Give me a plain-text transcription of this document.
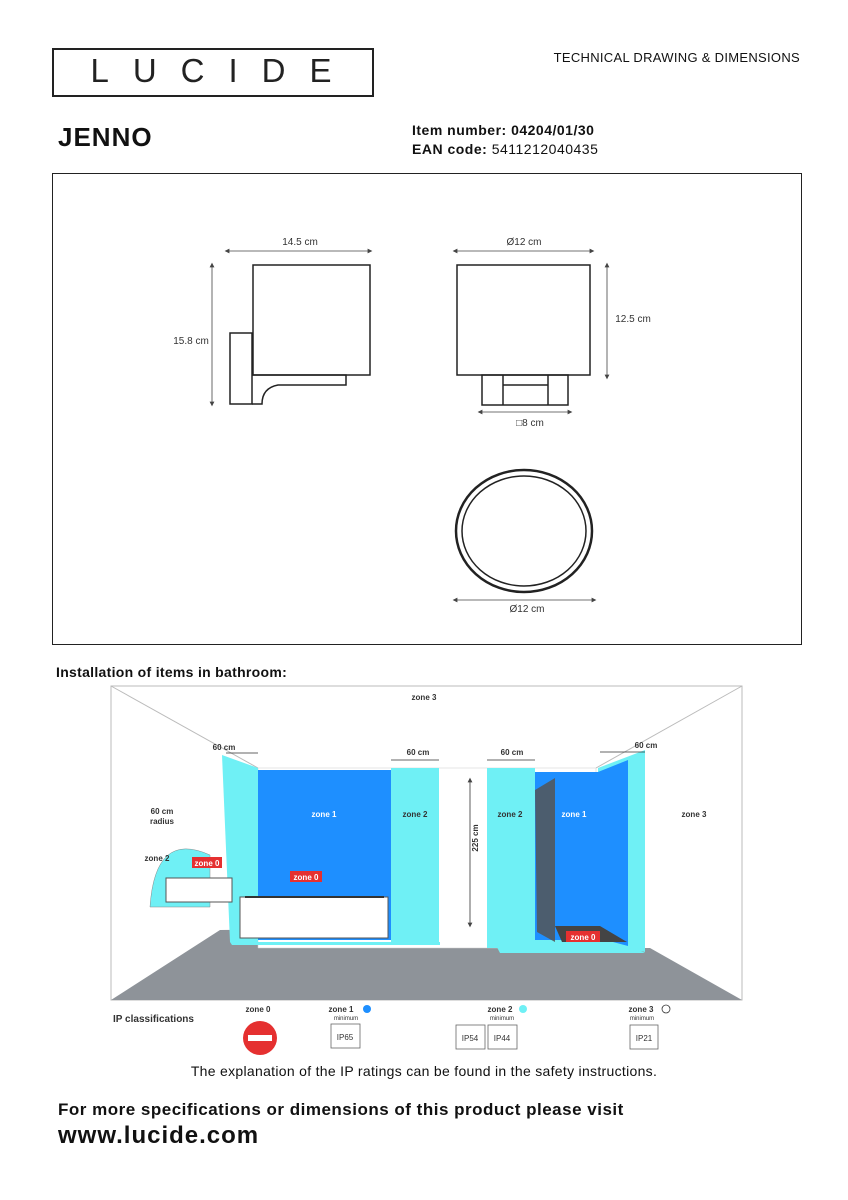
LUCIDE	TECHNICAL DRAWING & DIMENSIONS
JENNO	Item number: 04204/01/30
EAN code: 5411212040435
14.5 cm
15.8 cm
Ø12 cm
12.5 cm
□8 cm
Ø12 cm
Installation of items in bathroom:
zone 3
zone 3
zone 1	zone 2	zone 2	zone 1
zone 2
zone 0
zone 0
zone 0
60 cm
60 cm	60 cm
60 cm
60 cm
radius
225 cm
IP classifications
zone 0	zone 1
minimum
IP65
zone 2
minimum
IP54 IP44
zone 3
minimum
IP21
The explanation of the IP ratings can be found in the safety instructions.
For more specifications or dimensions of this product please visit
www.lucide.com
